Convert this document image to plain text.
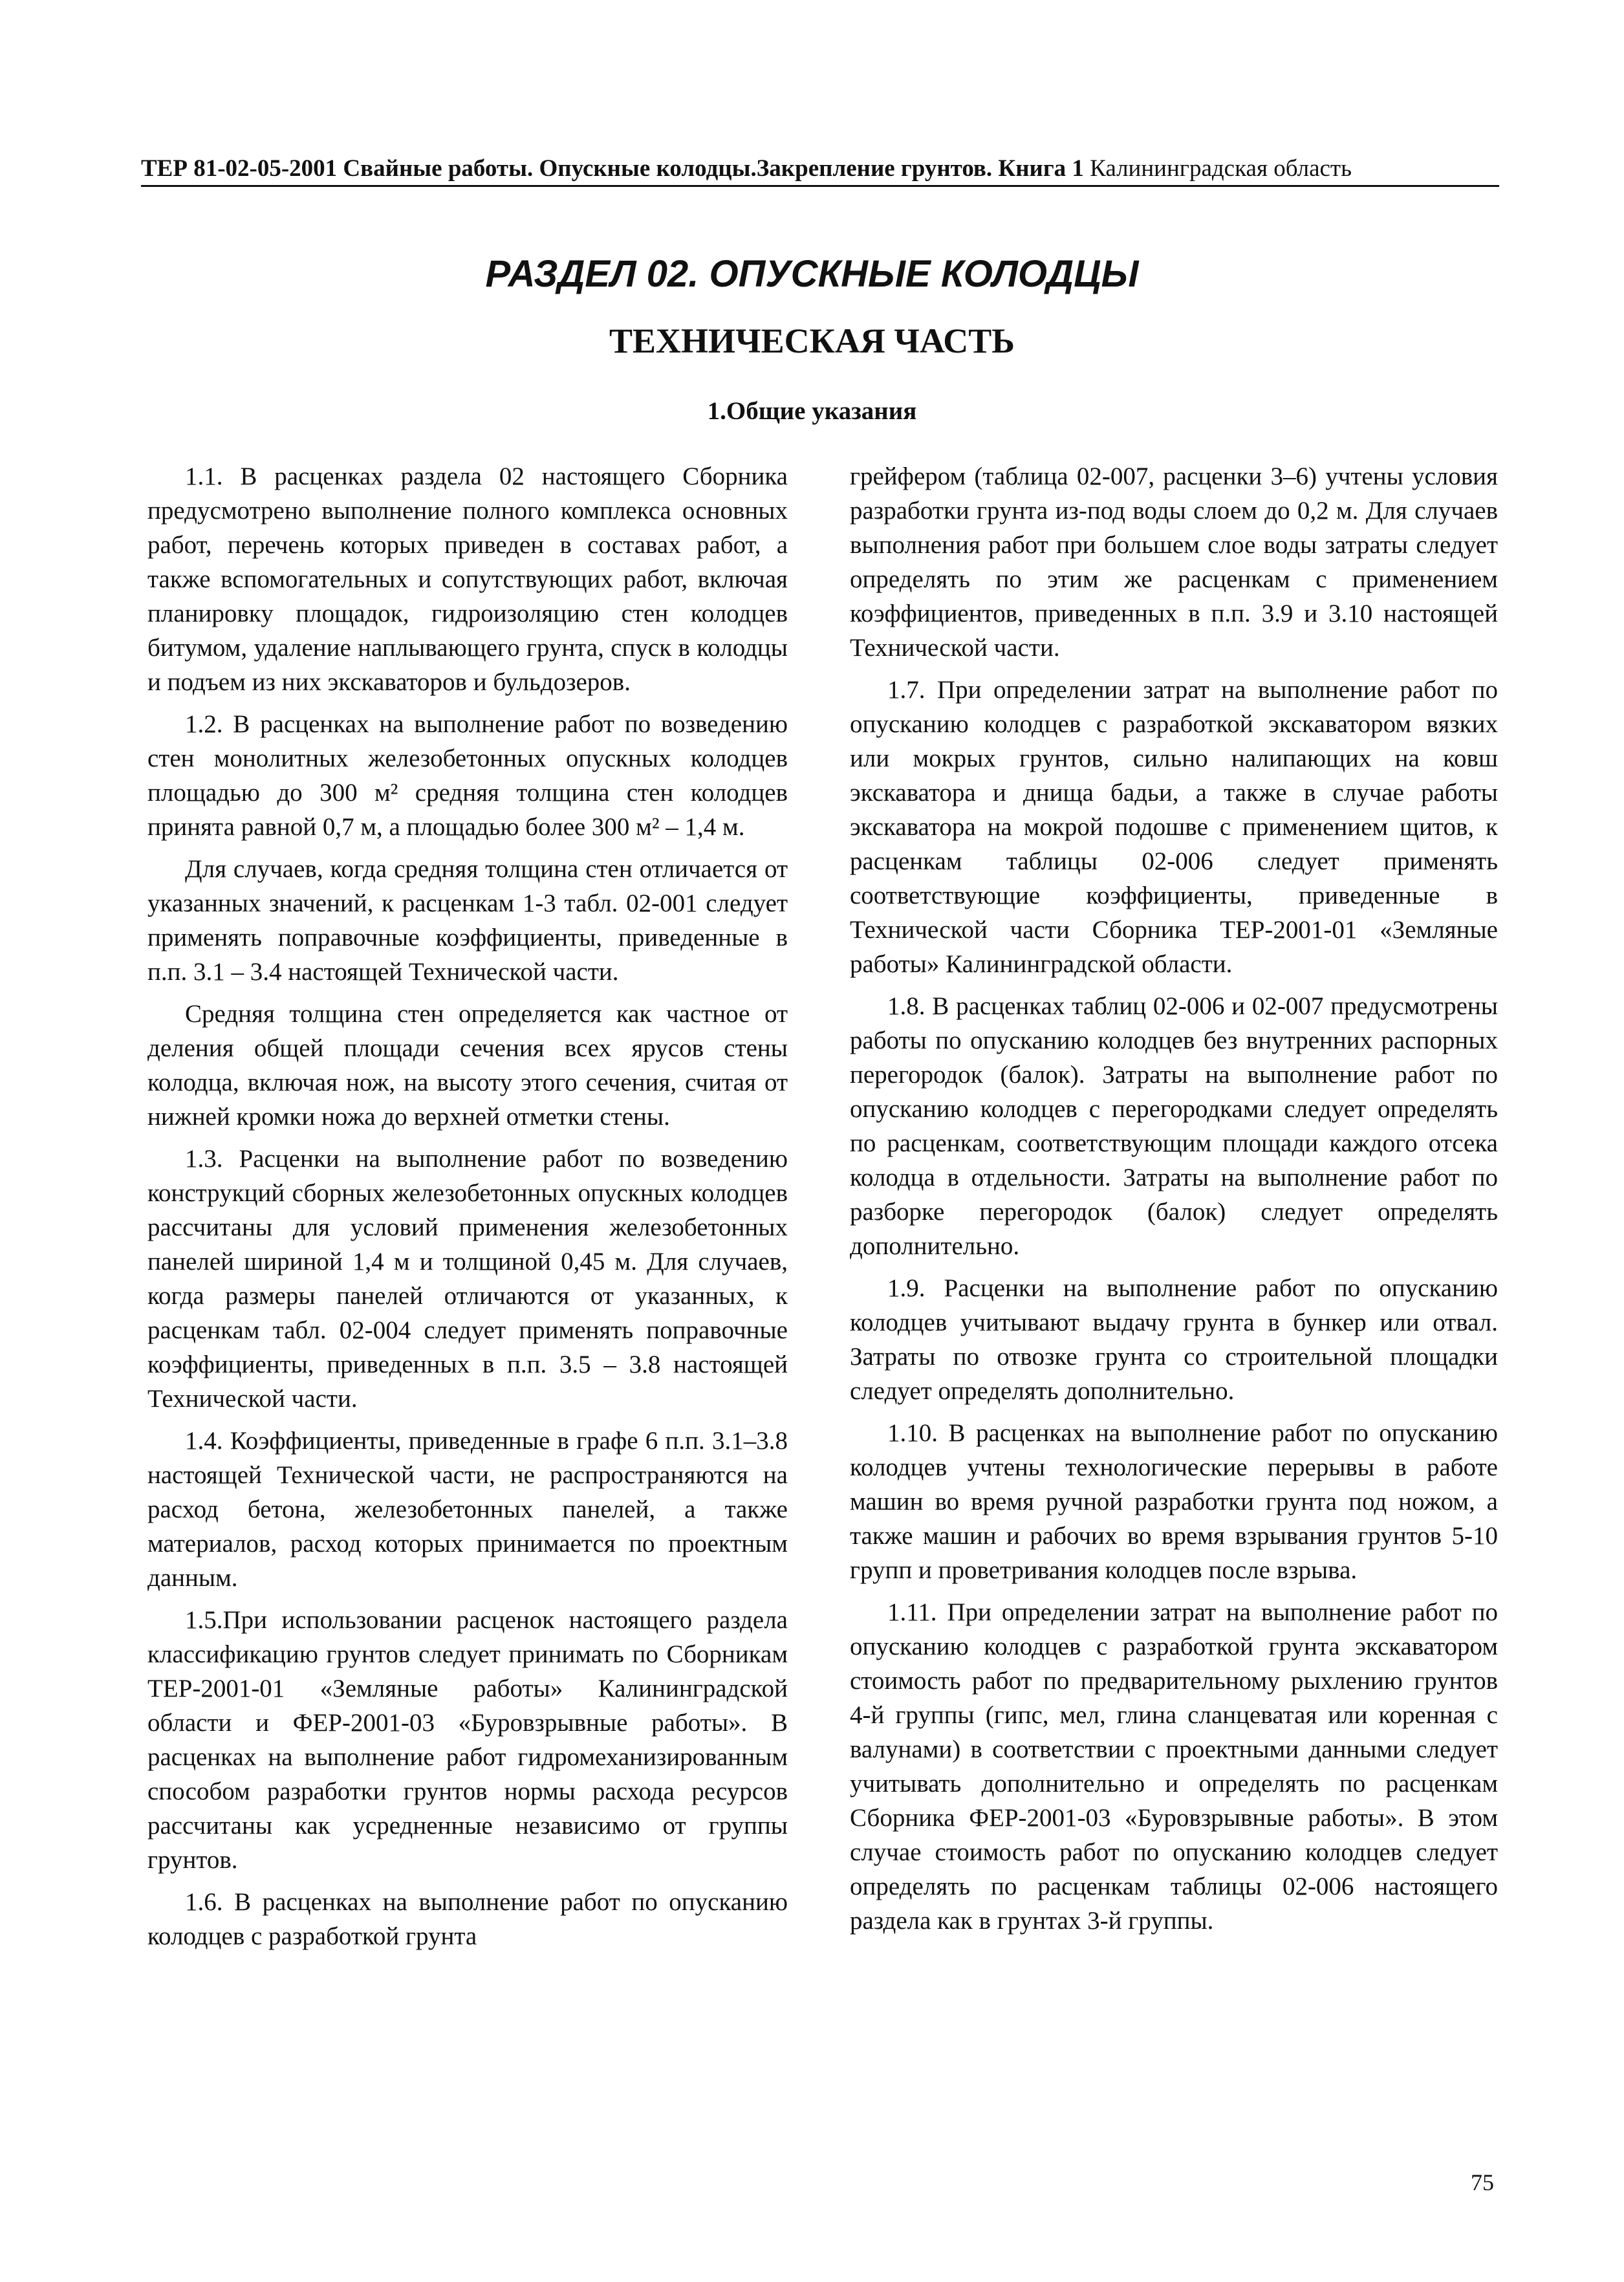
ТЕР 81-02-05-2001 Свайные работы. Опускные колодцы.Закрепление грунтов. Книга 1 Калининградская область
РАЗДЕЛ 02. ОПУСКНЫЕ КОЛОДЦЫ
ТЕХНИЧЕСКАЯ ЧАСТЬ
1.Общие указания

1.1. В расценках раздела 02 настоящего Сборника предусмотрено выполнение полного комплекса основных работ, перечень которых приведен в составах работ, а также вспомогательных и сопутствующих работ, включая планировку площадок, гидроизоляцию стен колодцев битумом, удаление наплывающего грунта, спуск в колодцы и подъем из них экскаваторов и бульдозеров.

1.2. В расценках на выполнение работ по возведению стен монолитных железобетонных опускных колодцев площадью до 300 м² средняя толщина стен колодцев принята равной 0,7 м, а площадью более 300 м² – 1,4 м.

Для случаев, когда средняя толщина стен отличается от указанных значений, к расценкам 1-3 табл. 02-001 следует применять поправочные коэффициенты, приведенные в п.п. 3.1 – 3.4 настоящей Технической части.

Средняя толщина стен определяется как частное от деления общей площади сечения всех ярусов стены колодца, включая нож, на высоту этого сечения, считая от нижней кромки ножа до верхней отметки стены.

1.3. Расценки на выполнение работ по возведению конструкций сборных железобетонных опускных колодцев рассчитаны для условий применения железобетонных панелей шириной 1,4 м и толщиной 0,45 м. Для случаев, когда размеры панелей отличаются от указанных, к расценкам табл. 02-004 следует применять поправочные коэффициенты, приведенных в п.п. 3.5 – 3.8 настоящей Технической части.

1.4. Коэффициенты, приведенные в графе 6 п.п. 3.1–3.8 настоящей Технической части, не распространяются на расход бетона, железобетонных панелей, а также материалов, расход которых принимается по проектным данным.

1.5.При использовании расценок настоящего раздела классификацию грунтов следует принимать по Сборникам ТЕР-2001-01 «Земляные работы» Калининградской области и ФЕР-2001-03 «Буровзрывные работы». В расценках на выполнение работ гидромеханизированным способом разработки грунтов нормы расхода ресурсов рассчитаны как усредненные независимо от группы грунтов.

1.6. В расценках на выполнение работ по опусканию колодцев с разработкой грунта

грейфером (таблица 02-007, расценки 3–6) учтены условия разработки грунта из-под воды слоем до 0,2 м. Для случаев выполнения работ при большем слое воды затраты следует определять по этим же расценкам с применением коэффициентов, приведенных в п.п. 3.9 и 3.10 настоящей Технической части.

1.7. При определении затрат на выполнение работ по опусканию колодцев с разработкой экскаватором вязких или мокрых грунтов, сильно налипающих на ковш экскаватора и днища бадьи, а также в случае работы экскаватора на мокрой подошве с применением щитов, к расценкам таблицы 02-006 следует применять соответствующие коэффициенты, приведенные в Технической части Сборника ТЕР-2001-01 «Земляные работы» Калининградской области.

1.8. В расценках таблиц 02-006 и 02-007 предусмотрены работы по опусканию колодцев без внутренних распорных перегородок (балок). Затраты на выполнение работ по опусканию колодцев с перегородками следует определять по расценкам, соответствующим площади каждого отсека колодца в отдельности. Затраты на выполнение работ по разборке перегородок (балок) следует определять дополнительно.

1.9. Расценки на выполнение работ по опусканию колодцев учитывают выдачу грунта в бункер или отвал. Затраты по отвозке грунта со строительной площадки следует определять дополнительно.

1.10. В расценках на выполнение работ по опусканию колодцев учтены технологические перерывы в работе машин во время ручной разработки грунта под ножом, а также машин и рабочих во время взрывания грунтов 5-10 групп и проветривания колодцев после взрыва.

1.11. При определении затрат на выполнение работ по опусканию колодцев с разработкой грунта экскаватором стоимость работ по предварительному рыхлению грунтов 4-й группы (гипс, мел, глина сланцеватая или коренная с валунами) в соответствии с проектными данными следует учитывать дополнительно и определять по расценкам Сборника ФЕР-2001-03 «Буровзрывные работы». В этом случае стоимость работ по опусканию колодцев следует определять по расценкам таблицы 02-006 настоящего раздела как в грунтах 3-й группы.

75
